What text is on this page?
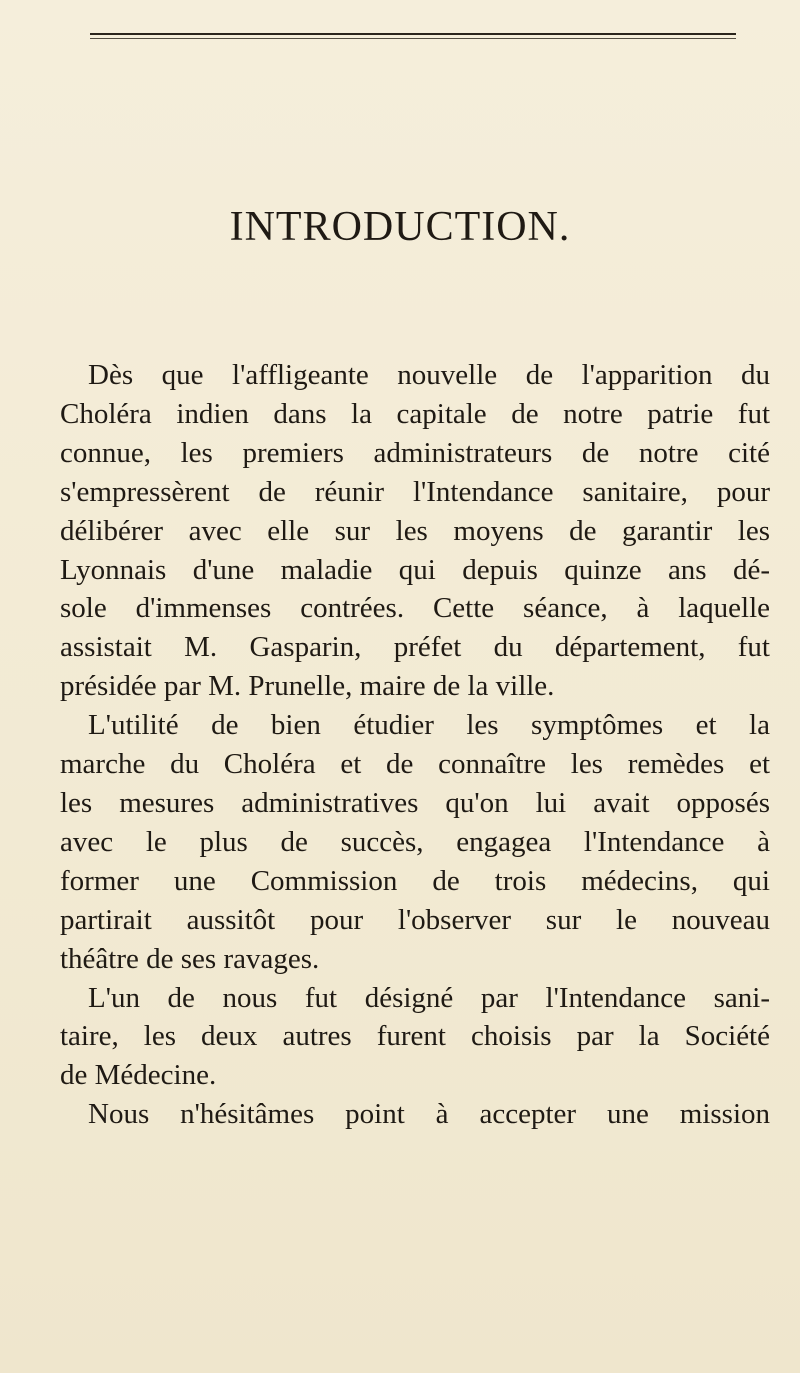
INTRODUCTION.
Dès que l'affligeante nouvelle de l'apparition du
Choléra indien dans la capitale de notre patrie fut
connue, les premiers administrateurs de notre cité
s'empressèrent de réunir l'Intendance sanitaire, pour
délibérer avec elle sur les moyens de garantir les
Lyonnais d'une maladie qui depuis quinze ans dé-
sole d'immenses contrées. Cette séance, à laquelle
assistait M. Gasparin, préfet du département, fut
présidée par M. Prunelle, maire de la ville.
L'utilité de bien étudier les symptômes et la
marche du Choléra et de connaître les remèdes et
les mesures administratives qu'on lui avait opposés
avec le plus de succès, engagea l'Intendance à
former une Commission de trois médecins, qui
partirait aussitôt pour l'observer sur le nouveau
théâtre de ses ravages.
L'un de nous fut désigné par l'Intendance sani-
taire, les deux autres furent choisis par la Société
de Médecine.
Nous n'hésitâmes point à accepter une mission
